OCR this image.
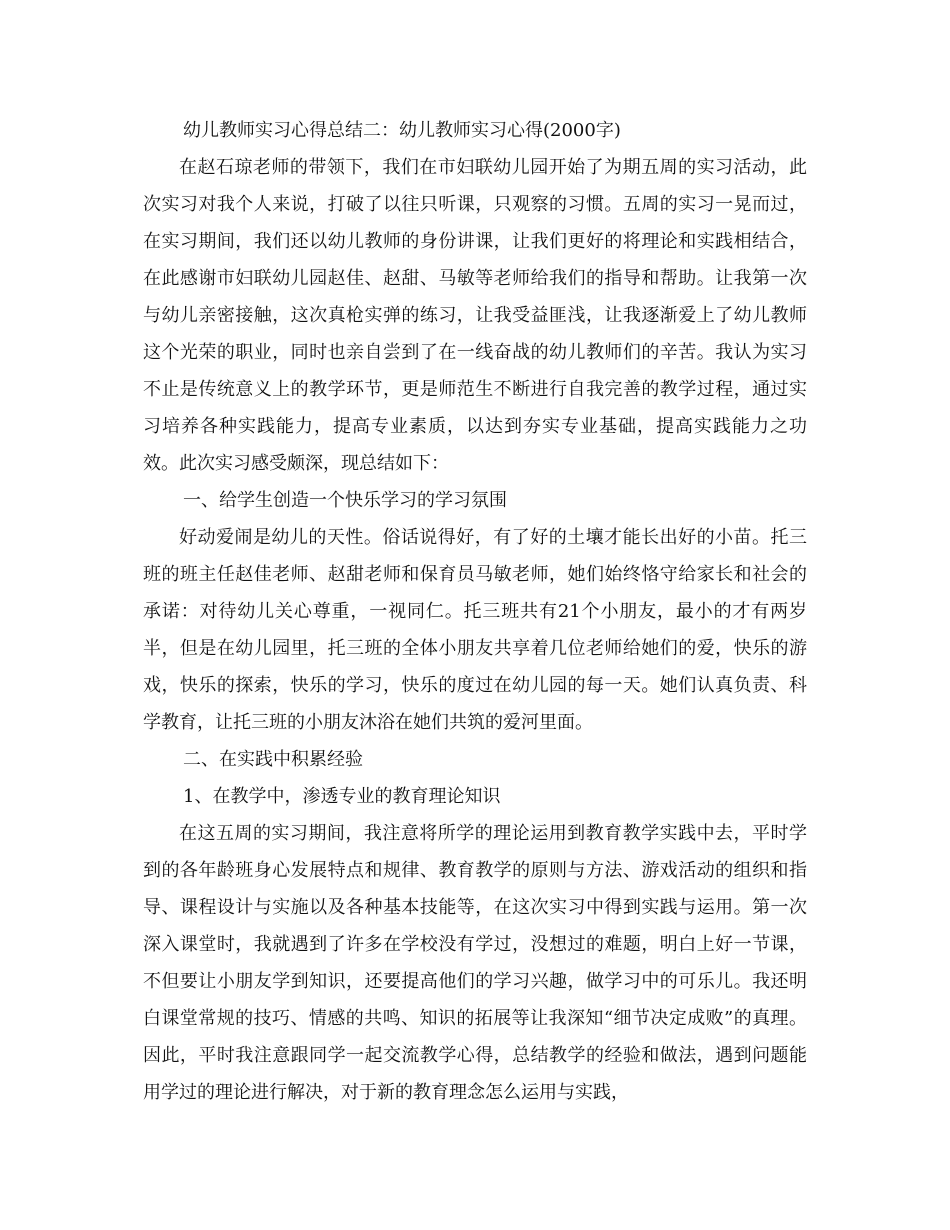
幼儿教师实习心得总结二：幼儿教师实习心得(2000字)

在赵石琼老师的带领下，我们在市妇联幼儿园开始了为期五周的实习活动，此次实习对我个人来说，打破了以往只听课，只观察的习惯。五周的实习一晃而过，在实习期间，我们还以幼儿教师的身份讲课，让我们更好的将理论和实践相结合，在此感谢市妇联幼儿园赵佳、赵甜、马敏等老师给我们的指导和帮助。让我第一次与幼儿亲密接触，这次真枪实弹的练习，让我受益匪浅，让我逐渐爱上了幼儿教师这个光荣的职业，同时也亲自尝到了在一线奋战的幼儿教师们的辛苦。我认为实习不止是传统意义上的教学环节，更是师范生不断进行自我完善的教学过程，通过实习培养各种实践能力，提高专业素质，以达到夯实专业基础，提高实践能力之功效。此次实习感受颇深，现总结如下：

一、给学生创造一个快乐学习的学习氛围

好动爱闹是幼儿的天性。俗话说得好，有了好的土壤才能长出好的小苗。托三班的班主任赵佳老师、赵甜老师和保育员马敏老师，她们始终恪守给家长和社会的承诺：对待幼儿关心尊重，一视同仁。托三班共有21个小朋友，最小的才有两岁半，但是在幼儿园里，托三班的全体小朋友共享着几位老师给她们的爱，快乐的游戏，快乐的探索，快乐的学习，快乐的度过在幼儿园的每一天。她们认真负责、科学教育，让托三班的小朋友沐浴在她们共筑的爱河里面。

二、在实践中积累经验

1、在教学中，渗透专业的教育理论知识

在这五周的实习期间，我注意将所学的理论运用到教育教学实践中去，平时学到的各年龄班身心发展特点和规律、教育教学的原则与方法、游戏活动的组织和指导、课程设计与实施以及各种基本技能等，在这次实习中得到实践与运用。第一次深入课堂时，我就遇到了许多在学校没有学过，没想过的难题，明白上好一节课，不但要让小朋友学到知识，还要提高他们的学习兴趣，做学习中的可乐儿。我还明白课堂常规的技巧、情感的共鸣、知识的拓展等让我深知“细节决定成败”的真理。因此，平时我注意跟同学一起交流教学心得，总结教学的经验和做法，遇到问题能用学过的理论进行解决，对于新的教育理念怎么运用与实践，
